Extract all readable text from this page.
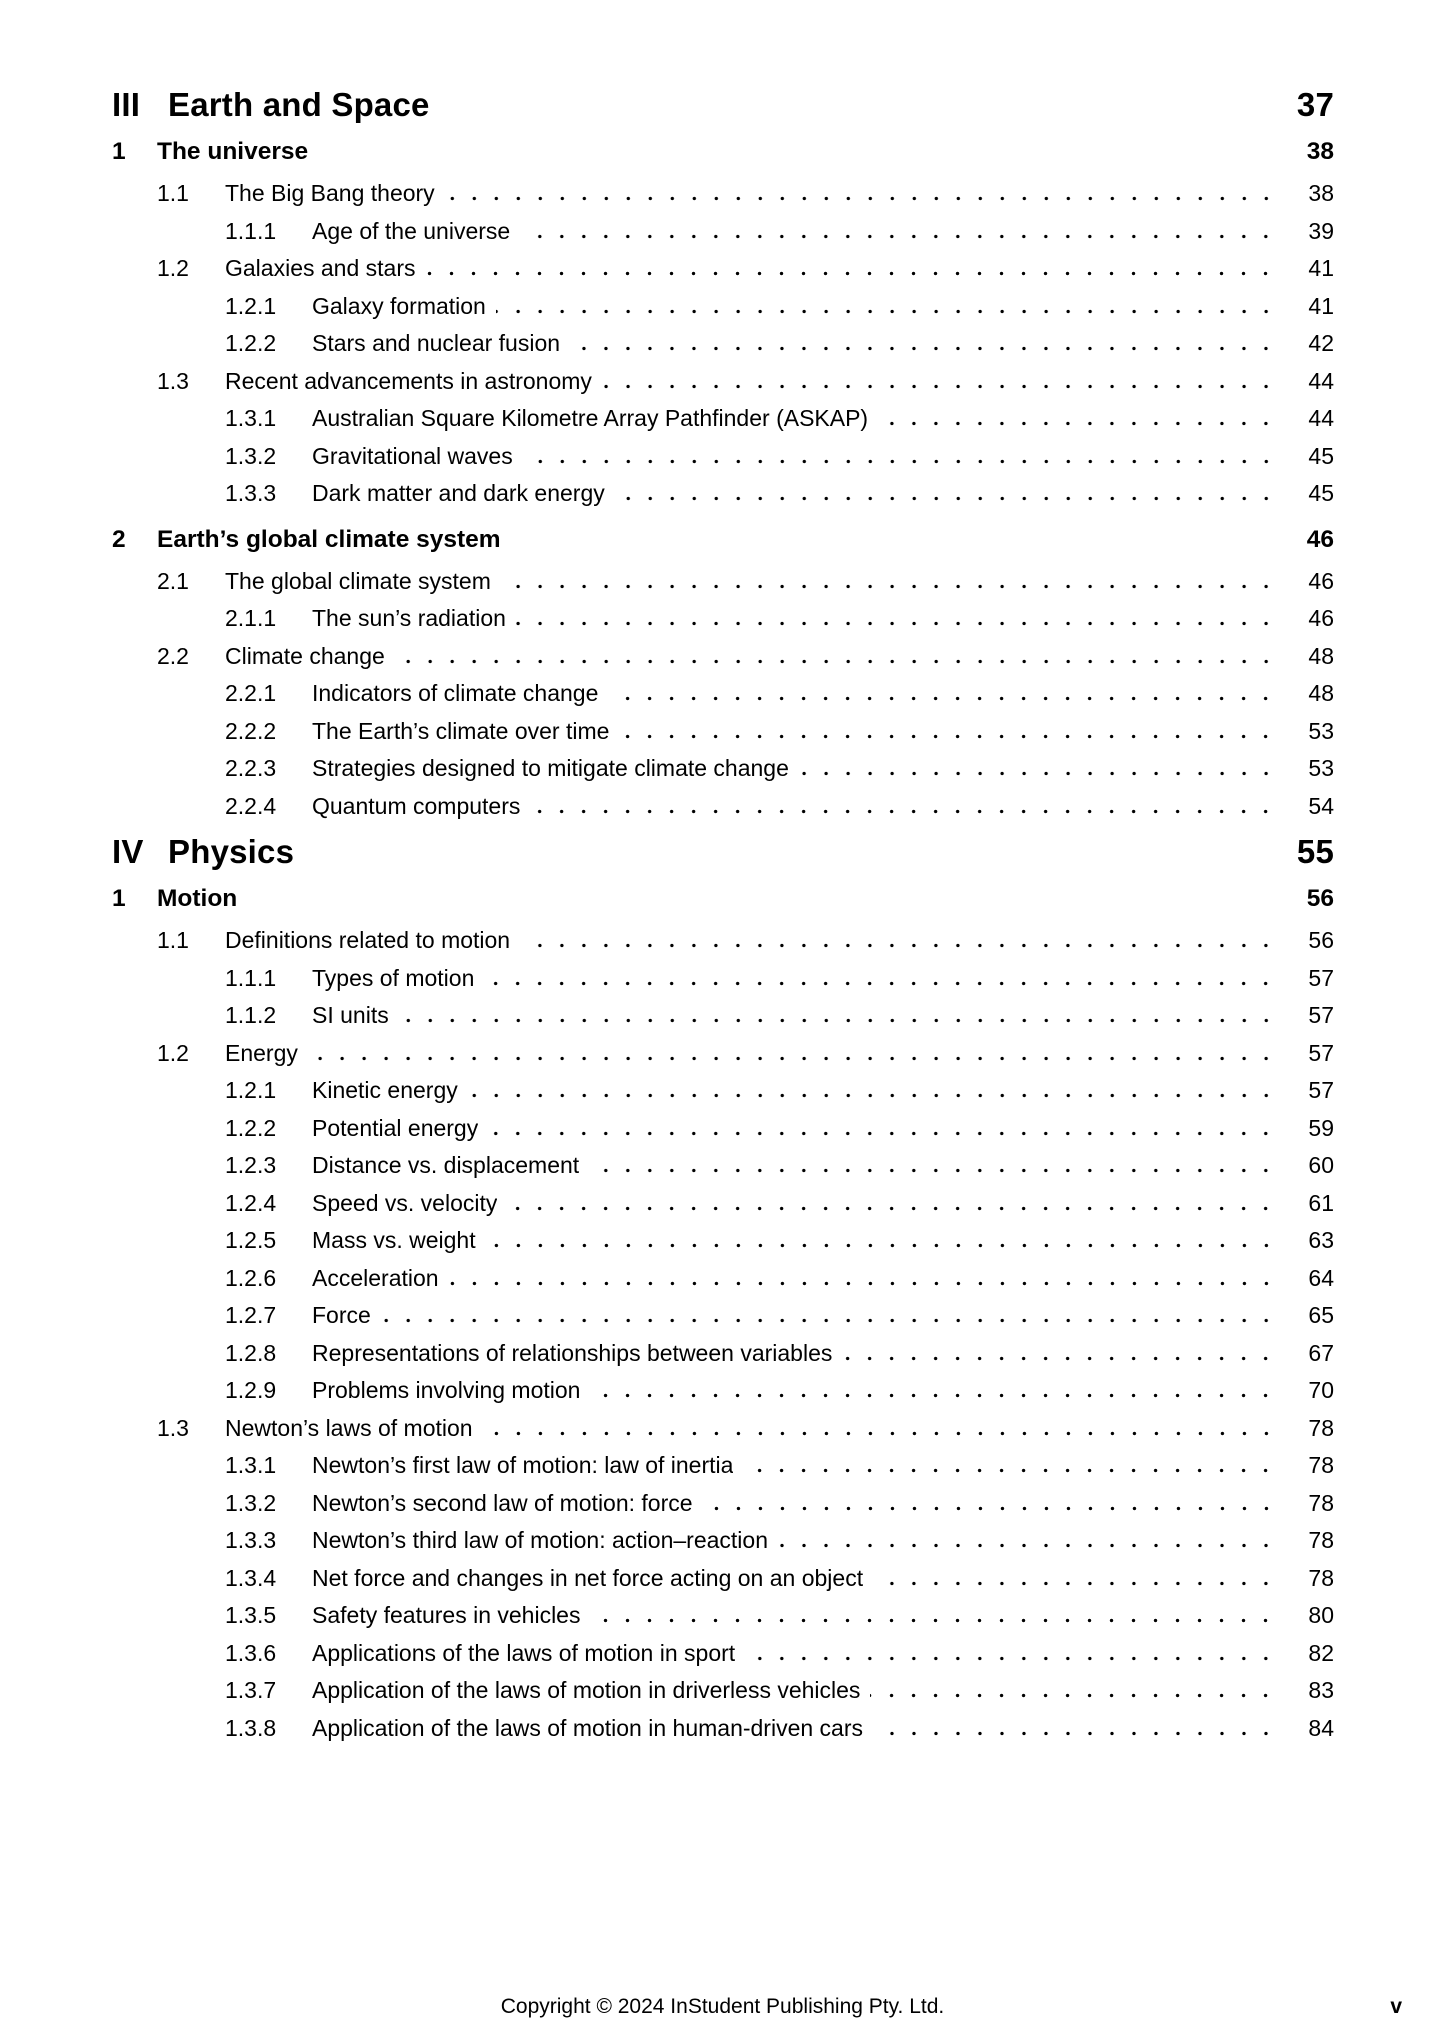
III Earth and Space	37
1	The universe	38
1.1	The Big Bang theory	38
1.1.1	Age of the universe	39
1.2	Galaxies and stars	41
1.2.1	Galaxy formation	41
1.2.2	Stars and nuclear fusion	42
1.3	Recent advancements in astronomy	44
1.3.1	Australian Square Kilometre Array Pathfinder (ASKAP)	44
1.3.2	Gravitational waves	45
1.3.3	Dark matter and dark energy	45
2	Earth’s global climate system	46
2.1	The global climate system	46
2.1.1	The sun’s radiation	46
2.2	Climate change	48
2.2.1	Indicators of climate change	48
2.2.2	The Earth’s climate over time	53
2.2.3	Strategies designed to mitigate climate change	53
2.2.4	Quantum computers	54
IV Physics	55
1	Motion	56
1.1	Definitions related to motion	56
1.1.1	Types of motion	57
1.1.2	SI units	57
1.2	Energy	57
1.2.1	Kinetic energy	57
1.2.2	Potential energy	59
1.2.3	Distance vs. displacement	60
1.2.4	Speed vs. velocity	61
1.2.5	Mass vs. weight	63
1.2.6	Acceleration	64
1.2.7	Force	65
1.2.8	Representations of relationships between variables	67
1.2.9	Problems involving motion	70
1.3	Newton’s laws of motion	78
1.3.1	Newton’s first law of motion: law of inertia	78
1.3.2	Newton’s second law of motion: force	78
1.3.3	Newton’s third law of motion: action–reaction	78
1.3.4	Net force and changes in net force acting on an object	78
1.3.5	Safety features in vehicles	80
1.3.6	Applications of the laws of motion in sport	82
1.3.7	Application of the laws of motion in driverless vehicles	83
1.3.8	Application of the laws of motion in human-driven cars	84
Copyright © 2024 InStudent Publishing Pty. Ltd.	v
